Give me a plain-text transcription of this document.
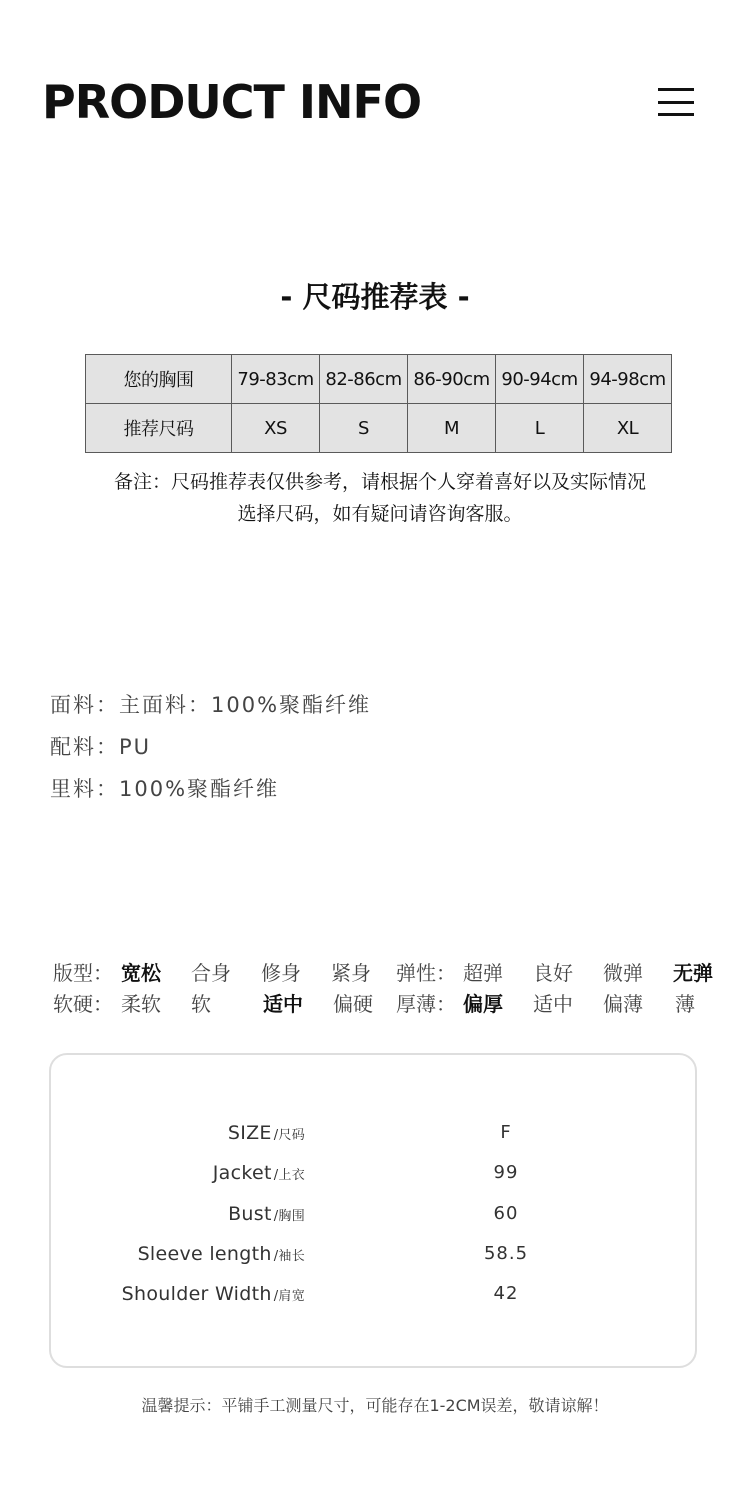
PRODUCT INFO
- 尺码推荐表 -
您的胸围	79-83cm	82-86cm	86-90cm	90-94cm	94-98cm
推荐尺码	XS	S	M	L	XL
备注：尺码推荐表仅供参考，请根据个人穿着喜好以及实际情况
选择尺码，如有疑问请咨询客服。
面料：主面料：100%聚酯纤维
配料：PU
里料：100%聚酯纤维
版型： 宽松 合身 修身 紧身 弹性： 超弹 良好 微弹 无弹
软硬： 柔软 软	适中 偏硬 厚薄： 偏厚 适中 偏薄 薄
SIZE /尺码	F
Jacket /上衣	99
Bust /胸围	60
Sleeve length /袖长	58.5
Shoulder Width /肩宽	42
温馨提示：平铺手工测量尺寸，可能存在1-2CM误差，敬请谅解！
